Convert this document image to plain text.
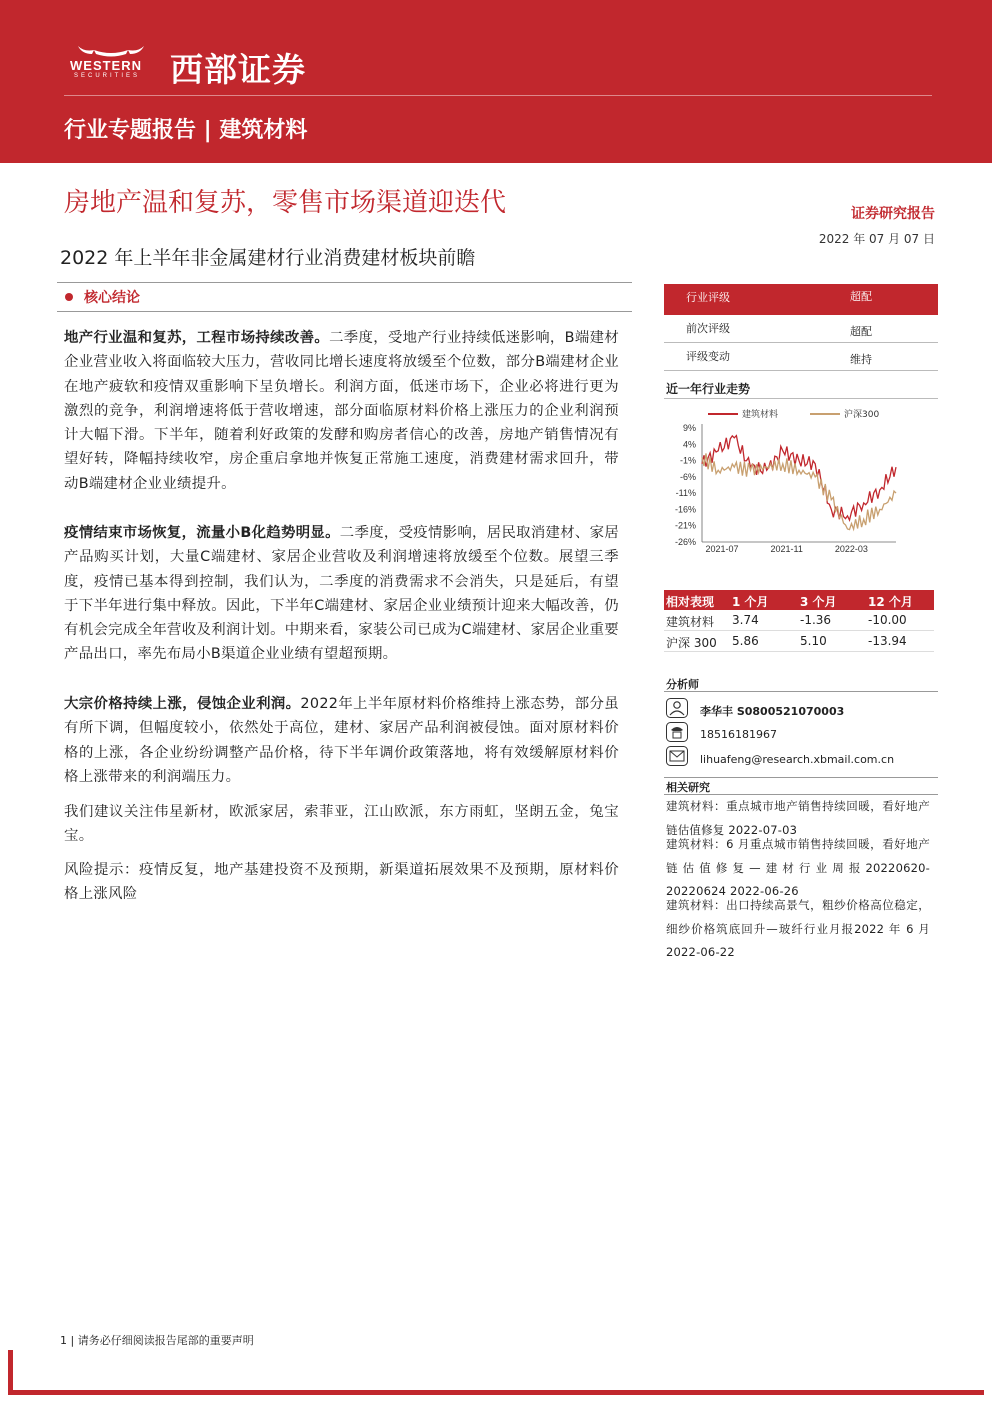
WESTERN
SECURITIES 西部证券
行业专题报告 | 建筑材料
房地产温和复苏，零售市场渠道迎迭代
2022 年上半年非金属建材行业消费建材板块前瞻
证券研究报告
2022 年 07 月 07 日
核心结论
地产行业温和复苏，工程市场持续改善。二季度，受地产行业持续低迷影响，B端建材企业营业收入将面临较大压力，营收同比增长速度将放缓至个位数，部分B端建材企业在地产疲软和疫情双重影响下呈负增长。利润方面，低迷市场下，企业必将进行更为激烈的竞争，利润增速将低于营收增速，部分面临原材料价格上涨压力的企业利润预计大幅下滑。下半年，随着利好政策的发酵和购房者信心的改善，房地产销售情况有望好转，降幅持续收窄，房企重启拿地并恢复正常施工速度，消费建材需求回升，带动B端建材企业业绩提升。
疫情结束市场恢复，流量小B化趋势明显。二季度，受疫情影响，居民取消建材、家居产品购买计划，大量C端建材、家居企业营收及利润增速将放缓至个位数。展望三季度，疫情已基本得到控制，我们认为，二季度的消费需求不会消失，只是延后，有望于下半年进行集中释放。因此，下半年C端建材、家居企业业绩预计迎来大幅改善，仍有机会完成全年营收及利润计划。中期来看，家装公司已成为C端建材、家居企业重要产品出口，率先布局小B渠道企业业绩有望超预期。
大宗价格持续上涨，侵蚀企业利润。2022年上半年原材料价格维持上涨态势，部分虽有所下调，但幅度较小，依然处于高位，建材、家居产品利润被侵蚀。面对原材料价格的上涨，各企业纷纷调整产品价格，待下半年调价政策落地，将有效缓解原材料价格上涨带来的利润端压力。
我们建议关注伟星新材，欧派家居，索菲亚，江山欧派，东方雨虹，坚朗五金，兔宝宝。
风险提示：疫情反复，地产基建投资不及预期，新渠道拓展效果不及预期，原材料价格上涨风险
行业评级	超配
前次评级	超配
评级变动	维持
近一年行业走势
9%
4%
-1%
-6%
-11%
-16%
-21%
-26%
2021-07	2021-11	2022-03
建筑材料	沪深300
相对表现 1 个月	3 个月	12 个月
建筑材料 3.74	-1.36	-10.00
沪深 300 5.86	5.10	-13.94
分析师
李华丰 S0800521070003
18516181967
lihuafeng@research.xbmail.com.cn
相关研究
建筑材料：重点城市地产销售持续回暖，看好地产链估值修复 2022-07-03
建筑材料：6 月重点城市销售持续回暖，看好地产链估值修复—建材行业周报20220620-20220624 2022-06-26
建筑材料：出口持续高景气，粗纱价格高位稳定，细纱价格筑底回升—玻纤行业月报2022 年 6 月 2022-06-22
1 | 请务必仔细阅读报告尾部的重要声明
